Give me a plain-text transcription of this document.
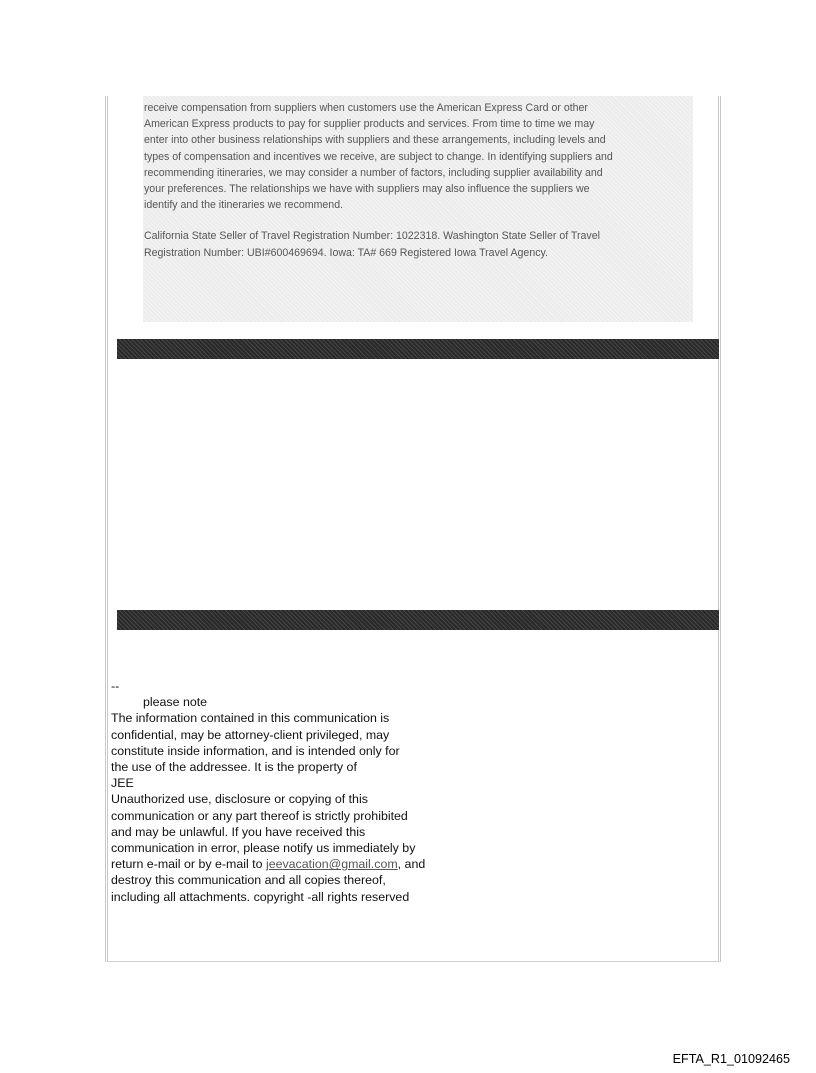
receive compensation from suppliers when customers use the American Express Card or other
American Express products to pay for supplier products and services. From time to time we may
enter into other business relationships with suppliers and these arrangements, including levels and
types of compensation and incentives we receive, are subject to change. In identifying suppliers and
recommending itineraries, we may consider a number of factors, including supplier availability and
your preferences. The relationships we have with suppliers may also influence the suppliers we
identify and the itineraries we recommend.

California State Seller of Travel Registration Number: 1022318. Washington State Seller of Travel
Registration Number: UBI#600469694. Iowa: TA# 669 Registered Iowa Travel Agency.

--
please note
The information contained in this communication is
confidential, may be attorney-client privileged, may
constitute inside information, and is intended only for
the use of the addressee. It is the property of
JEE
Unauthorized use, disclosure or copying of this
communication or any part thereof is strictly prohibited
and may be unlawful. If you have received this
communication in error, please notify us immediately by
return e-mail or by e-mail to jeevacation@gmail.com, and
destroy this communication and all copies thereof,
including all attachments. copyright -all rights reserved
EFTA_R1_01092465
